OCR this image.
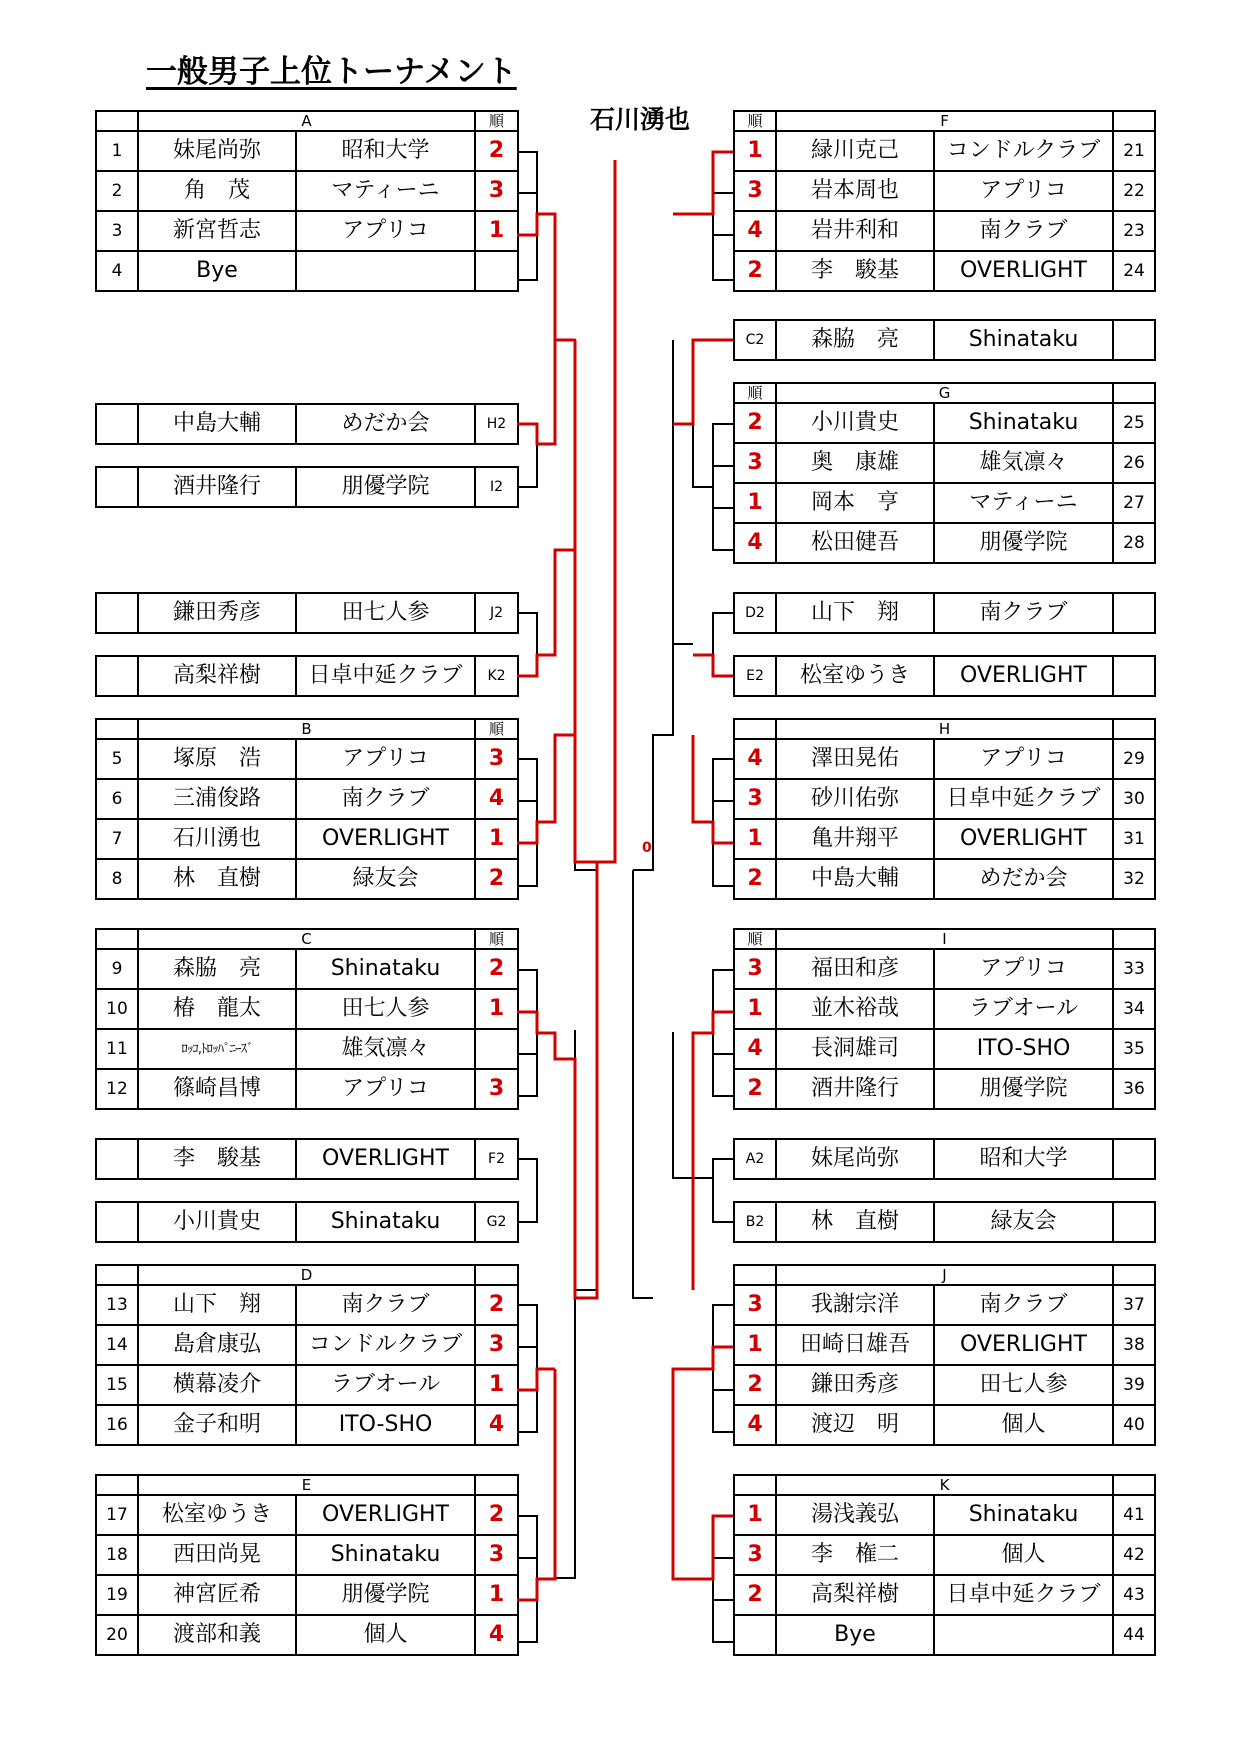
一般男子上位トーナメント
石川湧也
0
	A		順
1	妹尾尚弥	昭和大学	2
2	角　茂	マティーニ	3
3	新宮哲志	アプリコ	1
4	Bye		
	中島大輔	めだか会	H2
	酒井隆行	朋優学院	I2
	鎌田秀彦	田七人参	J2
	高梨祥樹	日卓中延クラブ	K2
	B		順
5	塚原　浩	アプリコ	3
6	三浦俊路	南クラブ	4
7	石川湧也	OVERLIGHT	1
8	林　直樹	緑友会	2
	C		順
9	森脇　亮	Shinataku	2
10	椿　龍太	田七人参	1
11	ﾛｯｺ,ﾄﾛｯﾊﾟﾆｰｽﾞ	雄気凛々	
12	篠崎昌博	アプリコ	3
	李　駿基	OVERLIGHT	F2
	小川貴史	Shinataku	G2
	D		
13	山下　翔	南クラブ	2
14	島倉康弘	コンドルクラブ	3
15	横幕凌介	ラブオール	1
16	金子和明	ITO-SHO	4
	E		
17	松室ゆうき	OVERLIGHT	2
18	西田尚晃	Shinataku	3
19	神宮匠希	朋優学院	1
20	渡部和義	個人	4
順	F		
1	緑川克己	コンドルクラブ	21
3	岩本周也	アプリコ	22
4	岩井利和	南クラブ	23
2	李　駿基	OVERLIGHT	24
C2	森脇　亮	Shinataku	
順	G		
2	小川貴史	Shinataku	25
3	奥　康雄	雄気凛々	26
1	岡本　亨	マティーニ	27
4	松田健吾	朋優学院	28
D2	山下　翔	南クラブ	
E2	松室ゆうき	OVERLIGHT	
	H		
4	澤田晃佑	アプリコ	29
3	砂川佑弥	日卓中延クラブ	30
1	亀井翔平	OVERLIGHT	31
2	中島大輔	めだか会	32
順	I		
3	福田和彦	アプリコ	33
1	並木裕哉	ラブオール	34
4	長洞雄司	ITO-SHO	35
2	酒井隆行	朋優学院	36
A2	妹尾尚弥	昭和大学	
B2	林　直樹	緑友会	
	J		
3	我謝宗洋	南クラブ	37
1	田崎日雄吾	OVERLIGHT	38
2	鎌田秀彦	田七人参	39
4	渡辺　明	個人	40
	K		
1	湯浅義弘	Shinataku	41
3	李　権二	個人	42
2	高梨祥樹	日卓中延クラブ	43
	Bye		44
